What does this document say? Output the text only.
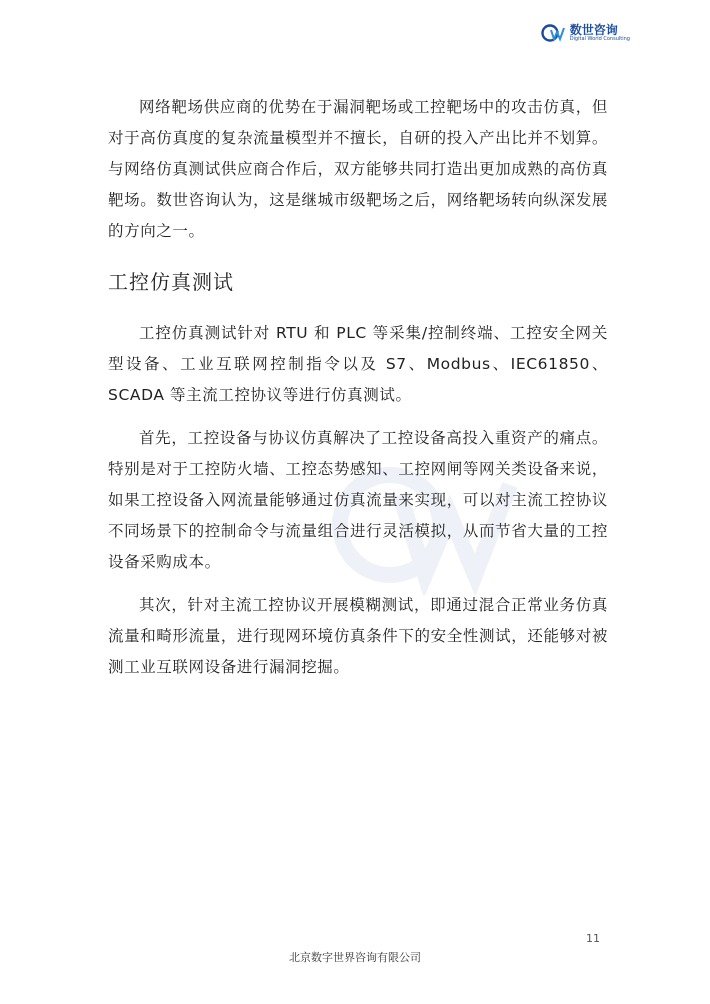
数世咨询
Digital World Consulting

网络靶场供应商的优势在于漏洞靶场或工控靶场中的攻击仿真，但对于高仿真度的复杂流量模型并不擅长，自研的投入产出比并不划算。与网络仿真测试供应商合作后，双方能够共同打造出更加成熟的高仿真靶场。数世咨询认为，这是继城市级靶场之后，网络靶场转向纵深发展的方向之一。

工控仿真测试

工控仿真测试针对 RTU 和 PLC 等采集/控制终端、工控安全网关型设备、工业互联网控制指令以及 S7、Modbus、IEC61850、SCADA 等主流工控协议等进行仿真测试。

首先，工控设备与协议仿真解决了工控设备高投入重资产的痛点。特别是对于工控防火墙、工控态势感知、工控网闸等网关类设备来说，如果工控设备入网流量能够通过仿真流量来实现，可以对主流工控协议不同场景下的控制命令与流量组合进行灵活模拟，从而节省大量的工控设备采购成本。

其次，针对主流工控协议开展模糊测试，即通过混合正常业务仿真流量和畸形流量，进行现网环境仿真条件下的安全性测试，还能够对被测工业互联网设备进行漏洞挖掘。

11
北京数字世界咨询有限公司
